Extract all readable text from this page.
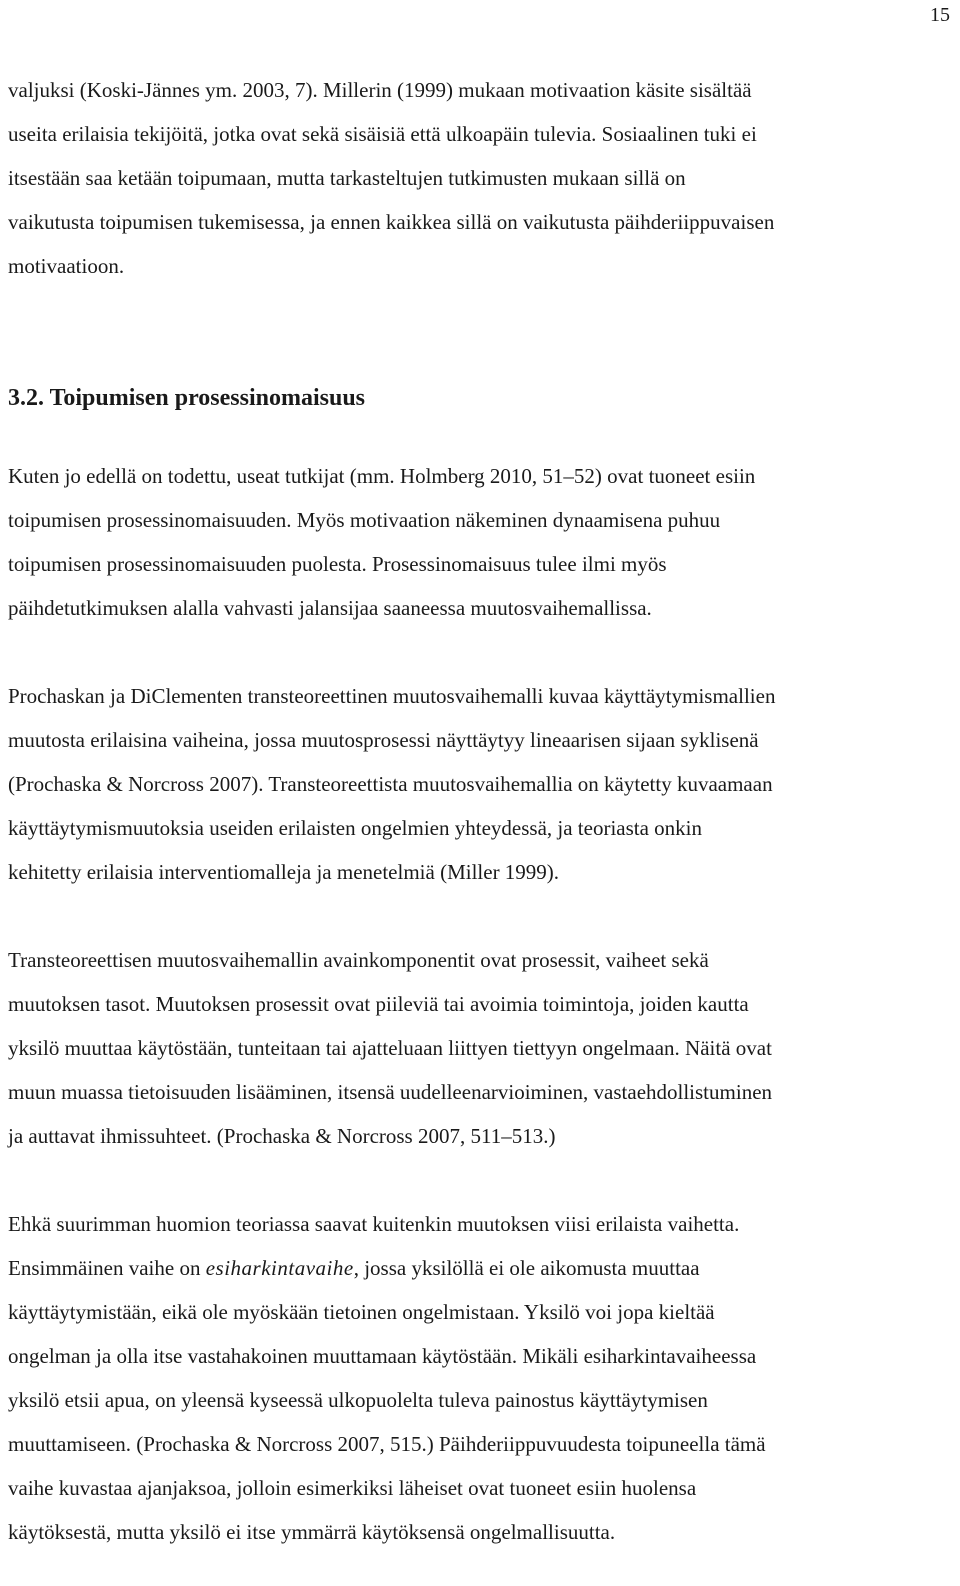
15

valjuksi (Koski-Jännes ym. 2003, 7). Millerin (1999) mukaan motivaation käsite sisältää
useita erilaisia tekijöitä, jotka ovat sekä sisäisiä että ulkoapäin tulevia. Sosiaalinen tuki ei
itsestään saa ketään toipumaan, mutta tarkasteltujen tutkimusten mukaan sillä on
vaikutusta toipumisen tukemisessa, ja ennen kaikkea sillä on vaikutusta päihderiippuvaisen
motivaatioon.

3.2. Toipumisen prosessinomaisuus

Kuten jo edellä on todettu, useat tutkijat (mm. Holmberg 2010, 51–52) ovat tuoneet esiin
toipumisen prosessinomaisuuden. Myös motivaation näkeminen dynaamisena puhuu
toipumisen prosessinomaisuuden puolesta. Prosessinomaisuus tulee ilmi myös
päihdetutkimuksen alalla vahvasti jalansijaa saaneessa muutosvaihemallissa.

Prochaskan ja DiClementen transteoreettinen muutosvaihemalli kuvaa käyttäytymismallien
muutosta erilaisina vaiheina, jossa muutosprosessi näyttäytyy lineaarisen sijaan syklisenä
(Prochaska & Norcross 2007). Transteoreettista muutosvaihemallia on käytetty kuvaamaan
käyttäytymismuutoksia useiden erilaisten ongelmien yhteydessä, ja teoriasta onkin
kehitetty erilaisia interventiomalleja ja menetelmiä (Miller 1999).

Transteoreettisen muutosvaihemallin avainkomponentit ovat prosessit, vaiheet sekä
muutoksen tasot. Muutoksen prosessit ovat piileviä tai avoimia toimintoja, joiden kautta
yksilö muuttaa käytöstään, tunteitaan tai ajatteluaan liittyen tiettyyn ongelmaan. Näitä ovat
muun muassa tietoisuuden lisääminen, itsensä uudelleenarvioiminen, vastaehdollistuminen
ja auttavat ihmissuhteet. (Prochaska & Norcross 2007, 511–513.)

Ehkä suurimman huomion teoriassa saavat kuitenkin muutoksen viisi erilaista vaihetta.
Ensimmäinen vaihe on esiharkintavaihe, jossa yksilöllä ei ole aikomusta muuttaa
käyttäytymistään, eikä ole myöskään tietoinen ongelmistaan. Yksilö voi jopa kieltää
ongelman ja olla itse vastahakoinen muuttamaan käytöstään. Mikäli esiharkintavaiheessa
yksilö etsii apua, on yleensä kyseessä ulkopuolelta tuleva painostus käyttäytymisen
muuttamiseen. (Prochaska & Norcross 2007, 515.) Päihderiippuvuudesta toipuneella tämä
vaihe kuvastaa ajanjaksoa, jolloin esimerkiksi läheiset ovat tuoneet esiin huolensa
käytöksestä, mutta yksilö ei itse ymmärrä käytöksensä ongelmallisuutta.
